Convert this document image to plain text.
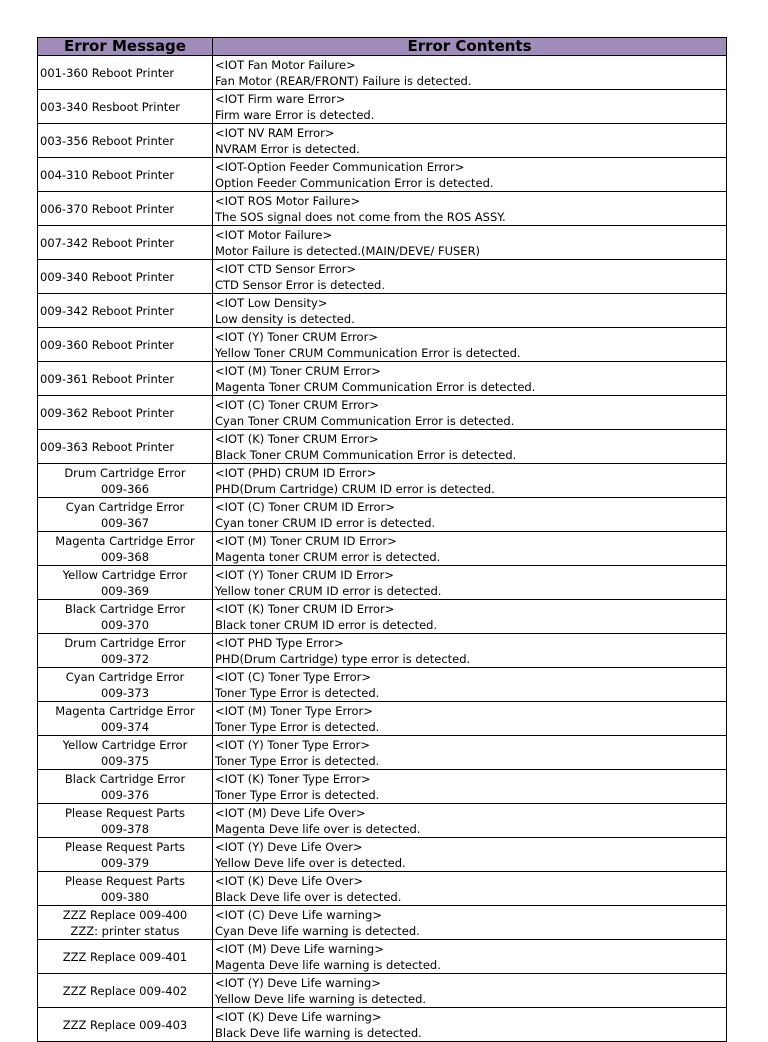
Error Message	Error Contents

001-360 Reboot Printer	<IOT Fan Motor Failure>
Fan Motor (REAR/FRONT) Failure is detected.

003-340 Resboot Printer	<IOT Firm ware Error>
Firm ware Error is detected.

003-356 Reboot Printer	<IOT NV RAM Error>
NVRAM Error is detected.

004-310 Reboot Printer	<IOT-Option Feeder Communication Error>
Option Feeder Communication Error is detected.

006-370 Reboot Printer	<IOT ROS Motor Failure>
The SOS signal does not come from the ROS ASSY.

007-342 Reboot Printer	<IOT Motor Failure>
Motor Failure is detected.(MAIN/DEVE/ FUSER)

009-340 Reboot Printer	<IOT CTD Sensor Error>
CTD Sensor Error is detected.

009-342 Reboot Printer	<IOT Low Density>
Low density is detected.

009-360 Reboot Printer	<IOT (Y) Toner CRUM Error>
Yellow Toner CRUM Communication Error is detected.

009-361 Reboot Printer	<IOT (M) Toner CRUM Error>
Magenta Toner CRUM Communication Error is detected.

009-362 Reboot Printer	<IOT (C) Toner CRUM Error>
Cyan Toner CRUM Communication Error is detected.

009-363 Reboot Printer	<IOT (K) Toner CRUM Error>
Black Toner CRUM Communication Error is detected.

Drum Cartridge Error
009-366	<IOT (PHD) CRUM ID Error>
PHD(Drum Cartridge) CRUM ID error is detected.

Cyan Cartridge Error
009-367	<IOT (C) Toner CRUM ID Error>
Cyan toner CRUM ID error is detected.

Magenta Cartridge Error
009-368	<IOT (M) Toner CRUM ID Error>
Magenta toner CRUM error is detected.

Yellow Cartridge Error
009-369	<IOT (Y) Toner CRUM ID Error>
Yellow toner CRUM ID error is detected.

Black Cartridge Error
009-370	<IOT (K) Toner CRUM ID Error>
Black toner CRUM ID error is detected.

Drum Cartridge Error
009-372	<IOT PHD Type Error>
PHD(Drum Cartridge) type error is detected.

Cyan Cartridge Error
009-373	<IOT (C) Toner Type Error>
Toner Type Error is detected.

Magenta Cartridge Error
009-374	<IOT (M) Toner Type Error>
Toner Type Error is detected.

Yellow Cartridge Error
009-375	<IOT (Y) Toner Type Error>
Toner Type Error is detected.

Black Cartridge Error
009-376	<IOT (K) Toner Type Error>
Toner Type Error is detected.

Please Request Parts
009-378	<IOT (M) Deve Life Over>
Magenta Deve life over is detected.

Please Request Parts
009-379	<IOT (Y) Deve Life Over>
Yellow Deve life over is detected.

Please Request Parts
009-380	<IOT (K) Deve Life Over>
Black Deve life over is detected.

ZZZ Replace 009-400
ZZZ: printer status	<IOT (C) Deve Life warning>
Cyan Deve life warning is detected.

ZZZ Replace 009-401	<IOT (M) Deve Life warning>
Magenta Deve life warning is detected.

ZZZ Replace 009-402	<IOT (Y) Deve Life warning>
Yellow Deve life warning is detected.

ZZZ Replace 009-403	<IOT (K) Deve Life warning>
Black Deve life warning is detected.
